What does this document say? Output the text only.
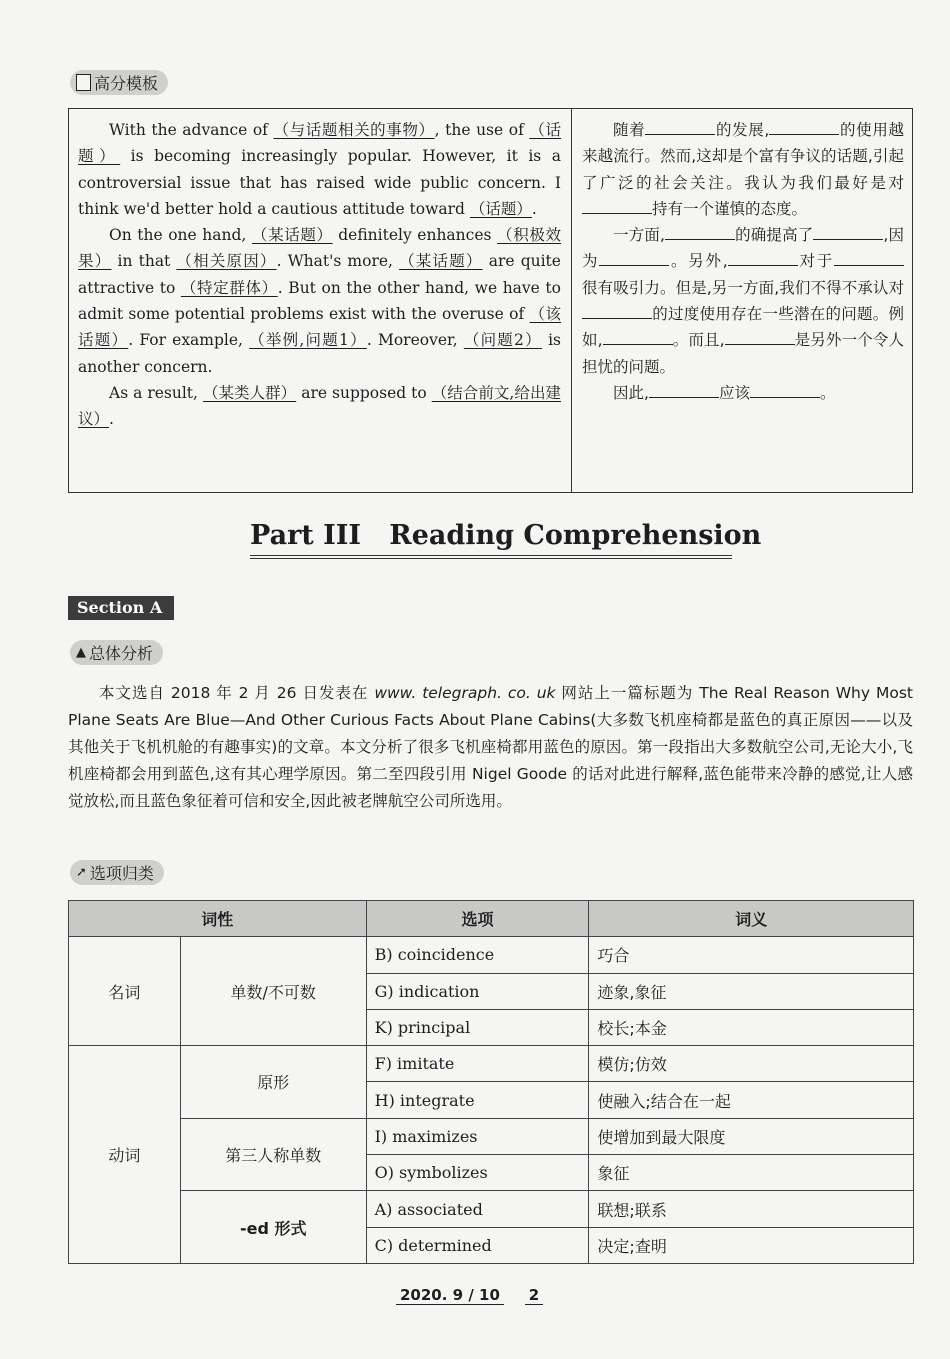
高分模板

With the advance of （与话题相关的事物）, the use of （话题） is becoming increasingly popular. However, it is a controversial issue that has raised wide public concern. I think we'd better hold a cautious attitude toward （话题）.

On the one hand, （某话题） definitely enhances （积极效果） in that （相关原因）. What's more, （某话题） are quite attractive to （特定群体）. But on the other hand, we have to admit some potential problems exist with the overuse of （该话题）. For example, （举例,问题1）. Moreover, （问题2） is another concern.

As a result, （某类人群） are supposed to （结合前文,给出建议）.

随着	的发展,	的使用越来越流行。然而,这却是个富有争议的话题,引起了广泛的社会关注。我认为我们最好是对持有一个谨慎的态度。

一方面,	的确提高了	,因为	。另外,	对于很有吸引力。但是,另一方面,我们不得不承认对的过度使用存在一些潜在的问题。例如,	。而且,	是另外一个令人担忧的问题。

因此,	应该	。

Part III   Reading Comprehension
Section A
▲ 总体分析

本文选自 2018 年 2 月 26 日发表在 www. telegraph. co. uk 网站上一篇标题为 The Real Reason Why Most Plane Seats Are Blue—And Other Curious Facts About Plane Cabins(大多数飞机座椅都是蓝色的真正原因——以及其他关于飞机机舱的有趣事实)的文章。本文分析了很多飞机座椅都用蓝色的原因。第一段指出大多数航空公司,无论大小,飞机座椅都会用到蓝色,这有其心理学原因。第二至四段引用 Nigel Goode 的话对此进行解释,蓝色能带来冷静的感觉,让人感觉放松,而且蓝色象征着可信和安全,因此被老牌航空公司所选用。

➚ 选项归类
词性		选项	词义
名词	单数/不可数	B) coincidence	巧合
		G) indication	迹象,象征
		K) principal	校长;本金
动词	原形	F) imitate	模仿;仿效
		H) integrate	使融入;结合在一起
	第三人称单数	I) maximizes	使增加到最大限度
		O) symbolizes	象征
	-ed 形式	A) associated	联想;联系
		C) determined	决定;查明
2020. 9 / 10 2
